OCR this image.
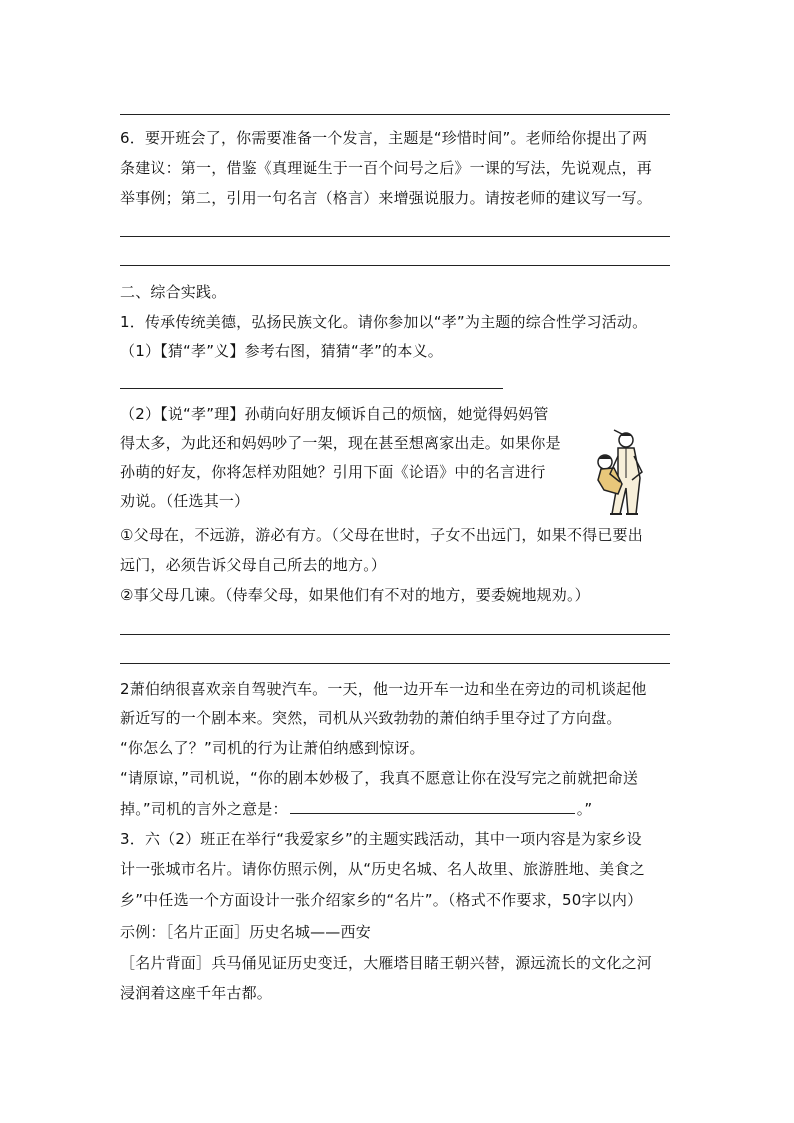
6．要开班会了，你需要准备一个发言，主题是“珍惜时间”。老师给你提出了两
条建议：第一，借鉴《真理诞生于一百个问号之后》一课的写法，先说观点，再
举事例；第二，引用一句名言（格言）来增强说服力。请按老师的建议写一写。
二、综合实践。
1．传承传统美德，弘扬民族文化。请你参加以“孝”为主题的综合性学习活动。
（1）【猜“孝”义】参考右图，猜猜“孝”的本义。
（2）【说“孝”理】孙萌向好朋友倾诉自己的烦恼，她觉得妈妈管
得太多，为此还和妈妈吵了一架，现在甚至想离家出走。如果你是
孙萌的好友，你将怎样劝阻她？引用下面《论语》中的名言进行
劝说。（任选其一）
①父母在，不远游，游必有方。（父母在世时，子女不出远门，如果不得已要出
远门，必须告诉父母自己所去的地方。）
②事父母几谏。（侍奉父母，如果他们有不对的地方，要委婉地规劝。）
2萧伯纳很喜欢亲自驾驶汽车。一天，他一边开车一边和坐在旁边的司机谈起他
新近写的一个剧本来。突然，司机从兴致勃勃的萧伯纳手里夺过了方向盘。
“你怎么了？”司机的行为让萧伯纳感到惊讶。
“请原谅，”司机说，“你的剧本妙极了，我真不愿意让你在没写完之前就把命送
掉。”司机的言外之意是：	。”
3．六（2）班正在举行“我爱家乡”的主题实践活动，其中一项内容是为家乡设
计一张城市名片。请你仿照示例，从“历史名城、名人故里、旅游胜地、美食之
乡”中任选一个方面设计一张介绍家乡的“名片”。（格式不作要求，50字以内）
示例：［名片正面］历史名城——西安
［名片背面］兵马俑见证历史变迁，大雁塔目睹王朝兴替，源远流长的文化之河
浸润着这座千年古都。
